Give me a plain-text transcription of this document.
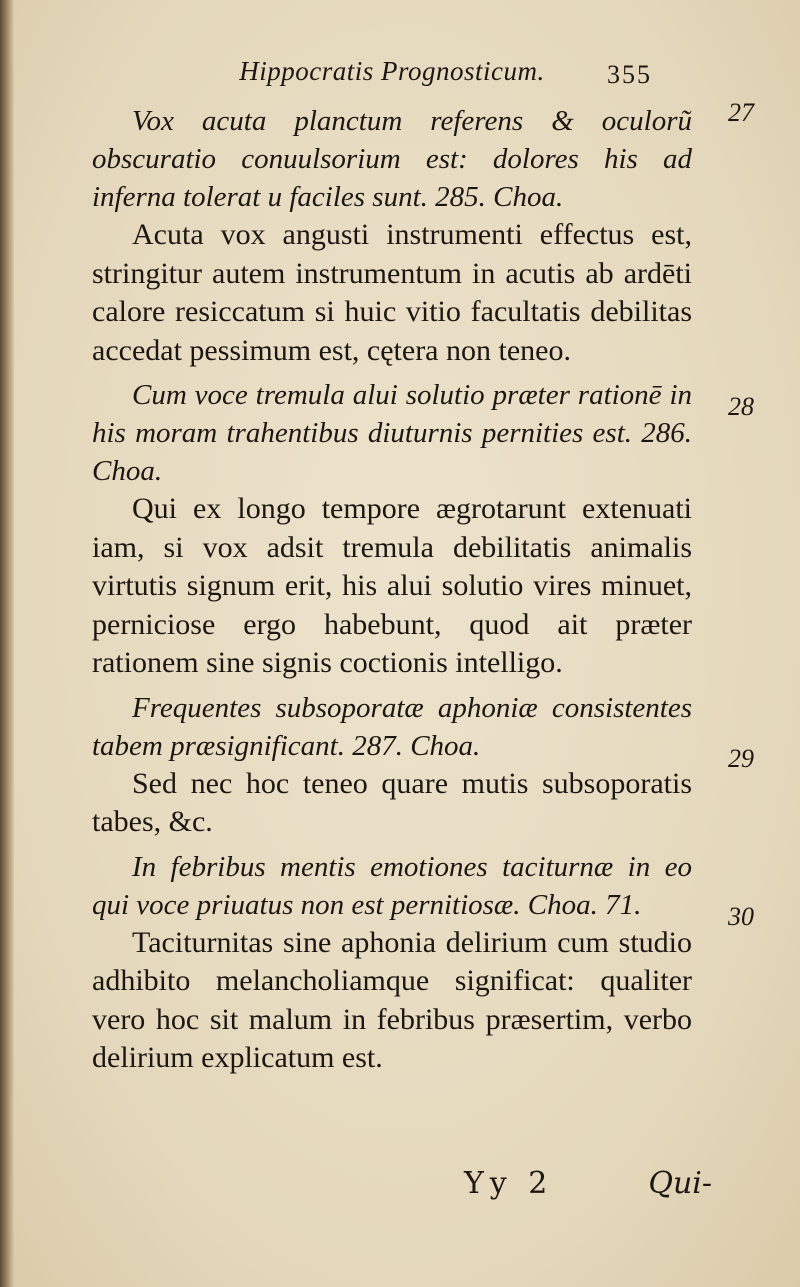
Hippocratis Prognosticum. 355

Vox acuta planctum referens & oculorũ obscuratio conuulsorium est: dolores his ad inferna tolerat u faciles sunt. 285. Choa.

Acuta vox angusti instrumenti effectus est, stringitur autem instrumentum in acutis ab ardēti calore resiccatum si huic vitio facultatis debilitas accedat pessimum est, cętera non teneo.

Cum voce tremula alui solutio præter rationē in his moram trahentibus diuturnis pernities est. 286. Choa.

Qui ex longo tempore ægrotarunt extenuati iam, si vox adsit tremula debilitatis animalis virtutis signum erit, his alui solutio vires minuet, perniciose ergo habebunt, quod ait præter rationem sine signis coctionis intelligo.

Frequentes subsoporatæ aphoniæ consistentes tabem præsignificant. 287. Choa.

Sed nec hoc teneo quare mutis subsoporatis tabes, &c.

In febribus mentis emotiones taciturnæ in eo qui voce priuatus non est pernitiosæ. Choa. 71.

Taciturnitas sine aphonia delirium cum studio adhibito melancholiamque significat: qualiter vero hoc sit malum in febribus præsertim, verbo delirium explicatum est.

27
28
29
30
Yy 2	Qui-
